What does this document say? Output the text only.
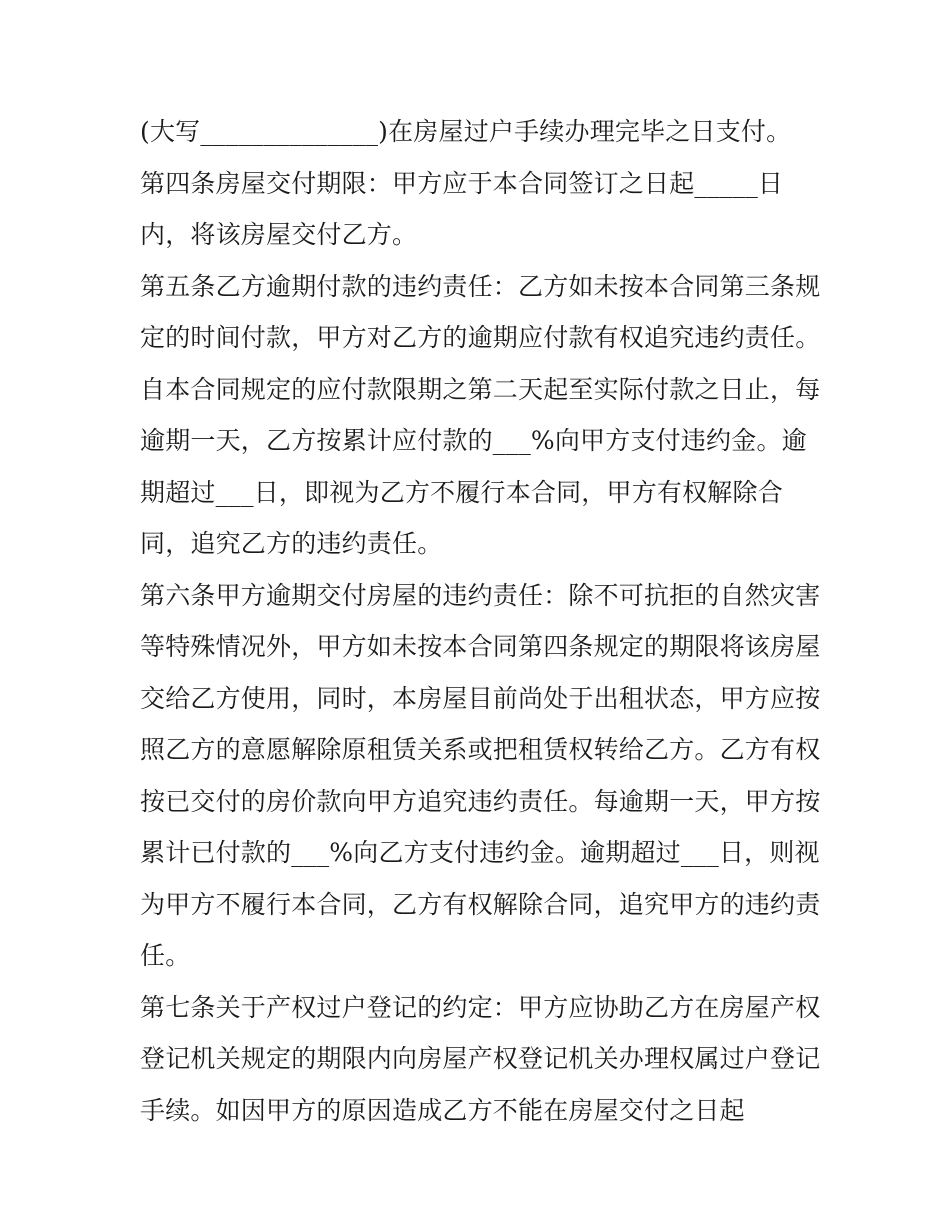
(大写______________)在房屋过户手续办理完毕之日支付。
第四条房屋交付期限：甲方应于本合同签订之日起_____日
内，将该房屋交付乙方。
第五条乙方逾期付款的违约责任：乙方如未按本合同第三条规
定的时间付款，甲方对乙方的逾期应付款有权追究违约责任。
自本合同规定的应付款限期之第二天起至实际付款之日止，每
逾期一天，乙方按累计应付款的___%向甲方支付违约金。逾
期超过___日，即视为乙方不履行本合同，甲方有权解除合
同，追究乙方的违约责任。
第六条甲方逾期交付房屋的违约责任：除不可抗拒的自然灾害
等特殊情况外，甲方如未按本合同第四条规定的期限将该房屋
交给乙方使用，同时，本房屋目前尚处于出租状态，甲方应按
照乙方的意愿解除原租赁关系或把租赁权转给乙方。乙方有权
按已交付的房价款向甲方追究违约责任。每逾期一天，甲方按
累计已付款的___%向乙方支付违约金。逾期超过___日，则视
为甲方不履行本合同，乙方有权解除合同，追究甲方的违约责
任。
第七条关于产权过户登记的约定：甲方应协助乙方在房屋产权
登记机关规定的期限内向房屋产权登记机关办理权属过户登记
手续。如因甲方的原因造成乙方不能在房屋交付之日起
